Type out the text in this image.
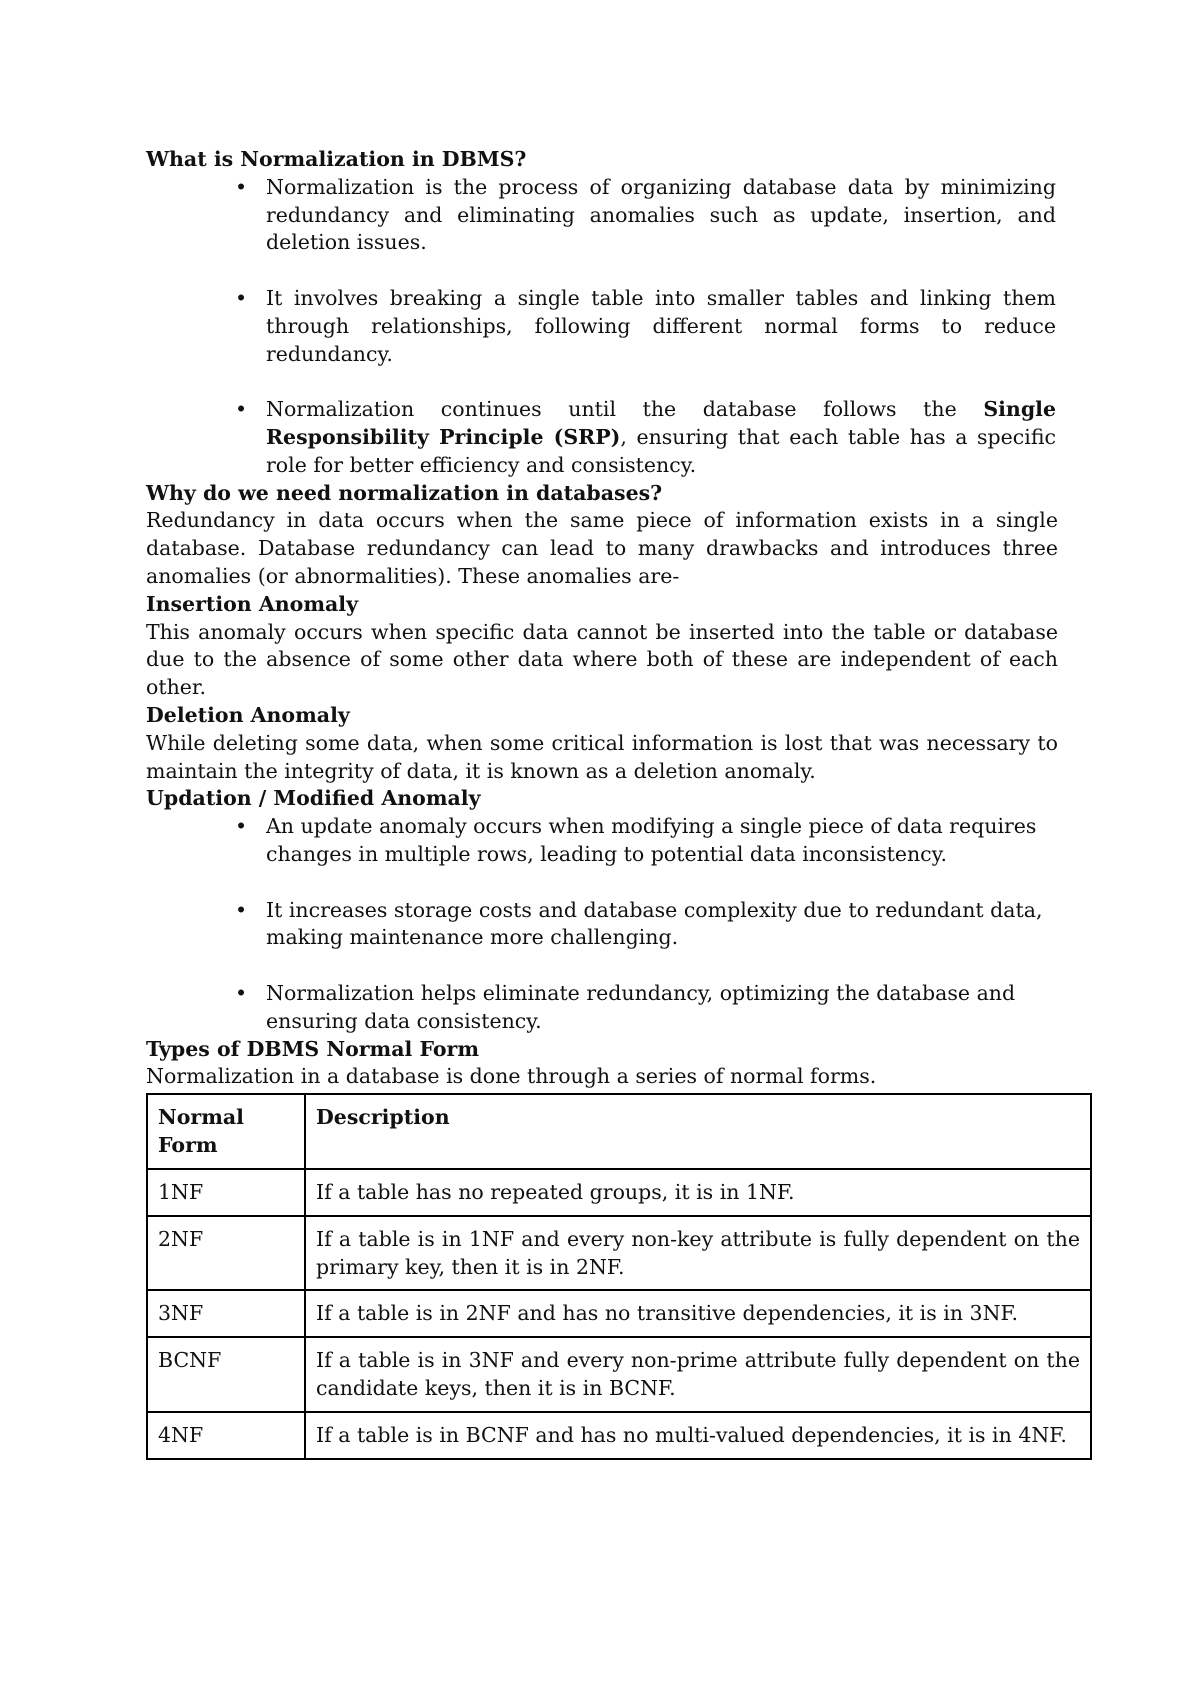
What is Normalization in DBMS?
• Normalization is the process of organizing database data by minimizing redundancy and eliminating anomalies such as update, insertion, and deletion issues.
• It involves breaking a single table into smaller tables and linking them through relationships, following different normal forms to reduce redundancy.
• Normalization continues until the database follows the Single Responsibility Principle (SRP), ensuring that each table has a specific role for better efficiency and consistency.
Why do we need normalization in databases?

Redundancy in data occurs when the same piece of information exists in a single database. Database redundancy can lead to many drawbacks and introduces three anomalies (or abnormalities). These anomalies are-

Insertion Anomaly

This anomaly occurs when specific data cannot be inserted into the table or database due to the absence of some other data where both of these are independent of each other.

Deletion Anomaly

While deleting some data, when some critical information is lost that was necessary to maintain the integrity of data, it is known as a deletion anomaly.

Updation / Modified Anomaly
• An update anomaly occurs when modifying a single piece of data requires changes in multiple rows, leading to potential data inconsistency.
• It increases storage costs and database complexity due to redundant data, making maintenance more challenging.
• Normalization helps eliminate redundancy, optimizing the database and ensuring data consistency.
Types of DBMS Normal Form

Normalization in a database is done through a series of normal forms.

Normal Form	Description
1NF	If a table has no repeated groups, it is in 1NF.
2NF	If a table is in 1NF and every non-key attribute is fully dependent on the primary key, then it is in 2NF.
3NF	If a table is in 2NF and has no transitive dependencies, it is in 3NF.
BCNF	If a table is in 3NF and every non-prime attribute fully dependent on the candidate keys, then it is in BCNF.
4NF	If a table is in BCNF and has no multi-valued dependencies, it is in 4NF.
